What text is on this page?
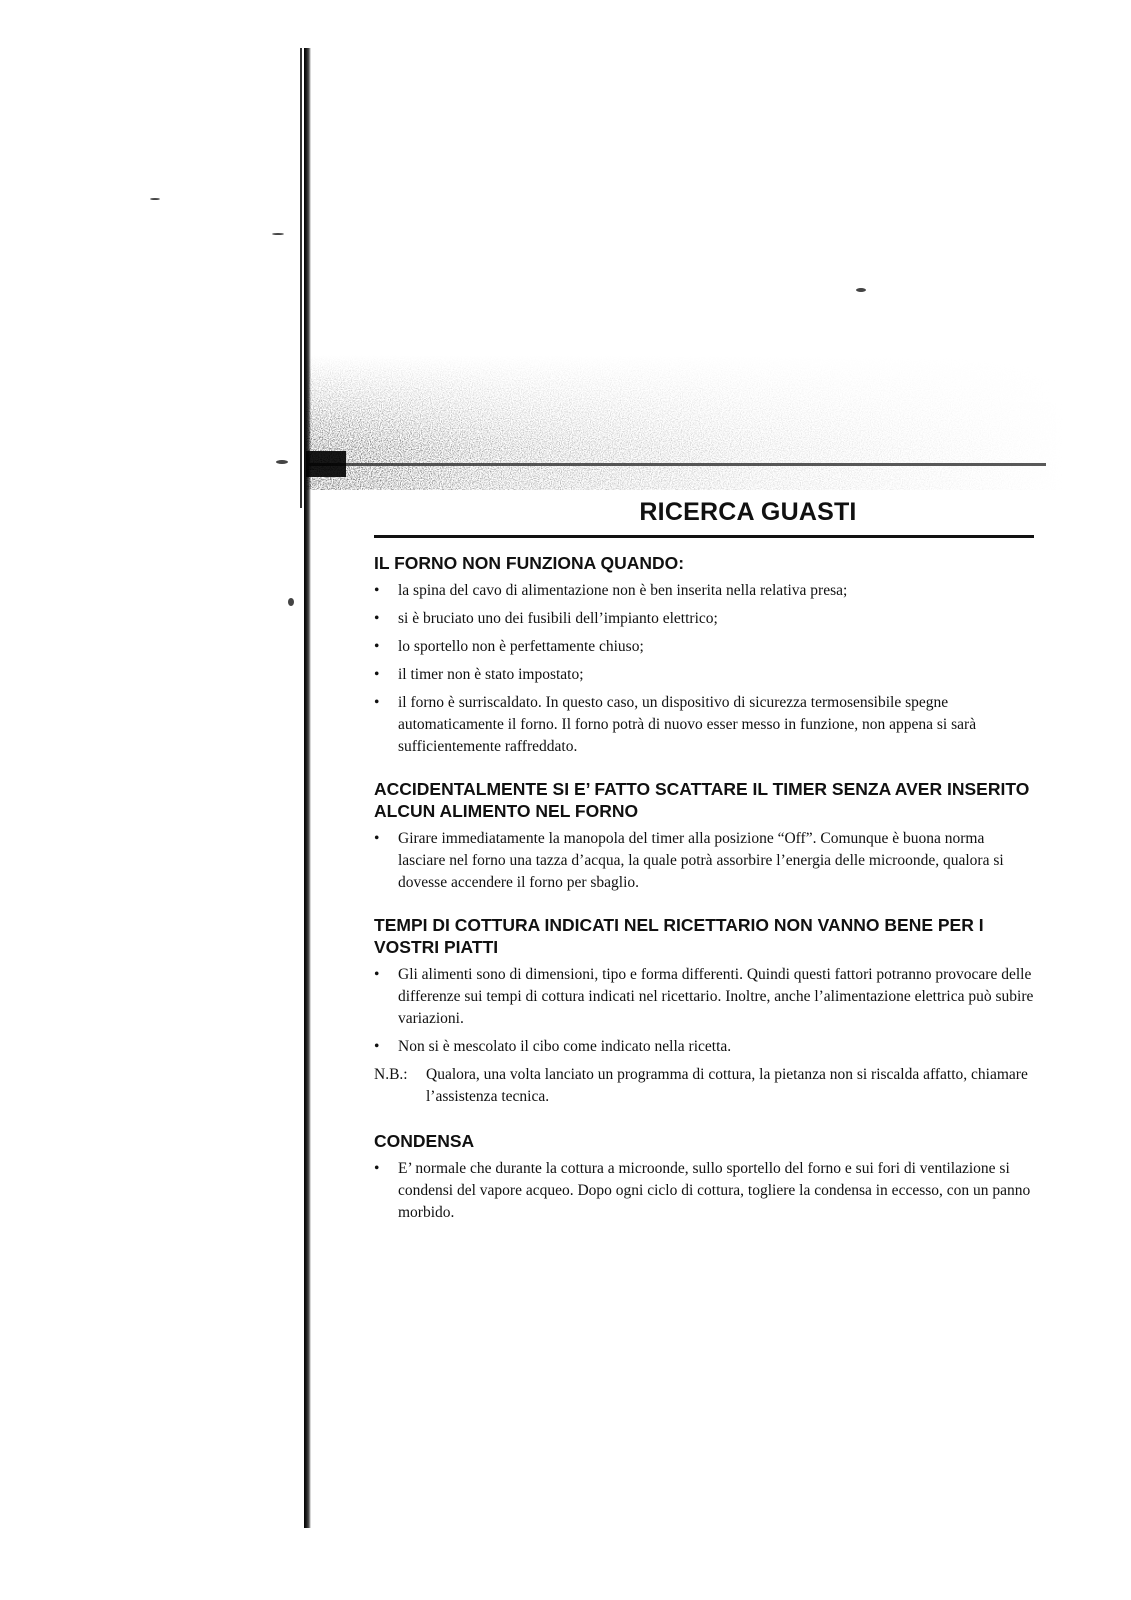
RICERCA GUASTI
IL FORNO NON FUNZIONA QUANDO:
• la spina del cavo di alimentazione non è ben inserita nella relativa presa;
• si è bruciato uno dei fusibili dell’impianto elettrico;
• lo sportello non è perfettamente chiuso;
• il timer non è stato impostato;
• il forno è surriscaldato. In questo caso, un dispositivo di sicurezza termosensibile spegne automaticamente il forno. Il forno potrà di nuovo esser messo in funzione, non appena si sarà sufficientemente raffreddato.
ACCIDENTALMENTE SI E’ FATTO SCATTARE IL TIMER SENZA AVER INSERITO ALCUN ALIMENTO NEL FORNO
• Girare immediatamente la manopola del timer alla posizione “Off”. Comunque è buona norma lasciare nel forno una tazza d’acqua, la quale potrà assorbire l’energia delle microonde, qualora si dovesse accendere il forno per sbaglio.
TEMPI DI COTTURA INDICATI NEL RICETTARIO NON VANNO BENE PER I VOSTRI PIATTI
• Gli alimenti sono di dimensioni, tipo e forma differenti. Quindi questi fattori potranno provocare delle differenze sui tempi di cottura indicati nel ricettario. Inoltre, anche l’alimentazione elettrica può subire variazioni.
• Non si è mescolato il cibo come indicato nella ricetta.
N.B.:	Qualora, una volta lanciato un programma di cottura, la pietanza non si riscalda affatto, chiamare l’assistenza tecnica.
CONDENSA
• E’ normale che durante la cottura a microonde, sullo sportello del forno e sui fori di ventilazione si condensi del vapore acqueo. Dopo ogni ciclo di cottura, togliere la condensa in eccesso, con un panno morbido.
